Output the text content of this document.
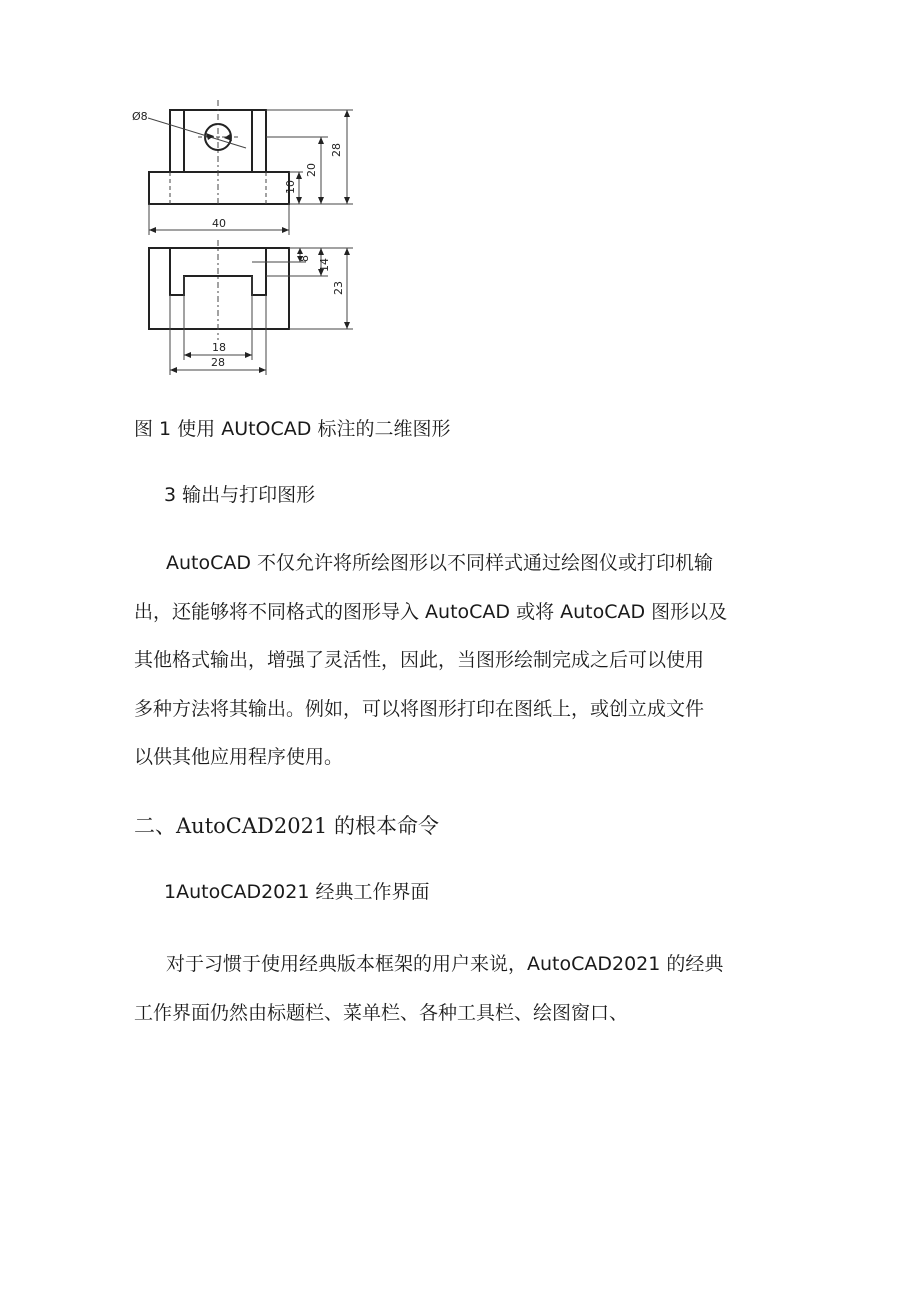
Ø8
40
28
20
10
8 14
23
18
28
图 1 使用 AUtOCAD 标注的二维图形
3 输出与打印图形

AutoCAD 不仅允许将所绘图形以不同样式通过绘图仪或打印机输
出，还能够将不同格式的图形导入 AutoCAD 或将 AutoCAD 图形以及
其他格式输出，增强了灵活性，因此，当图形绘制完成之后可以使用
多种方法将其输出。例如，可以将图形打印在图纸上，或创立成文件
以供其他应用程序使用。

二、AutoCAD2021 的根本命令
1AutoCAD2021 经典工作界面

对于习惯于使用经典版本框架的用户来说，AutoCAD2021 的经典
工作界面仍然由标题栏、菜单栏、各种工具栏、绘图窗口、
